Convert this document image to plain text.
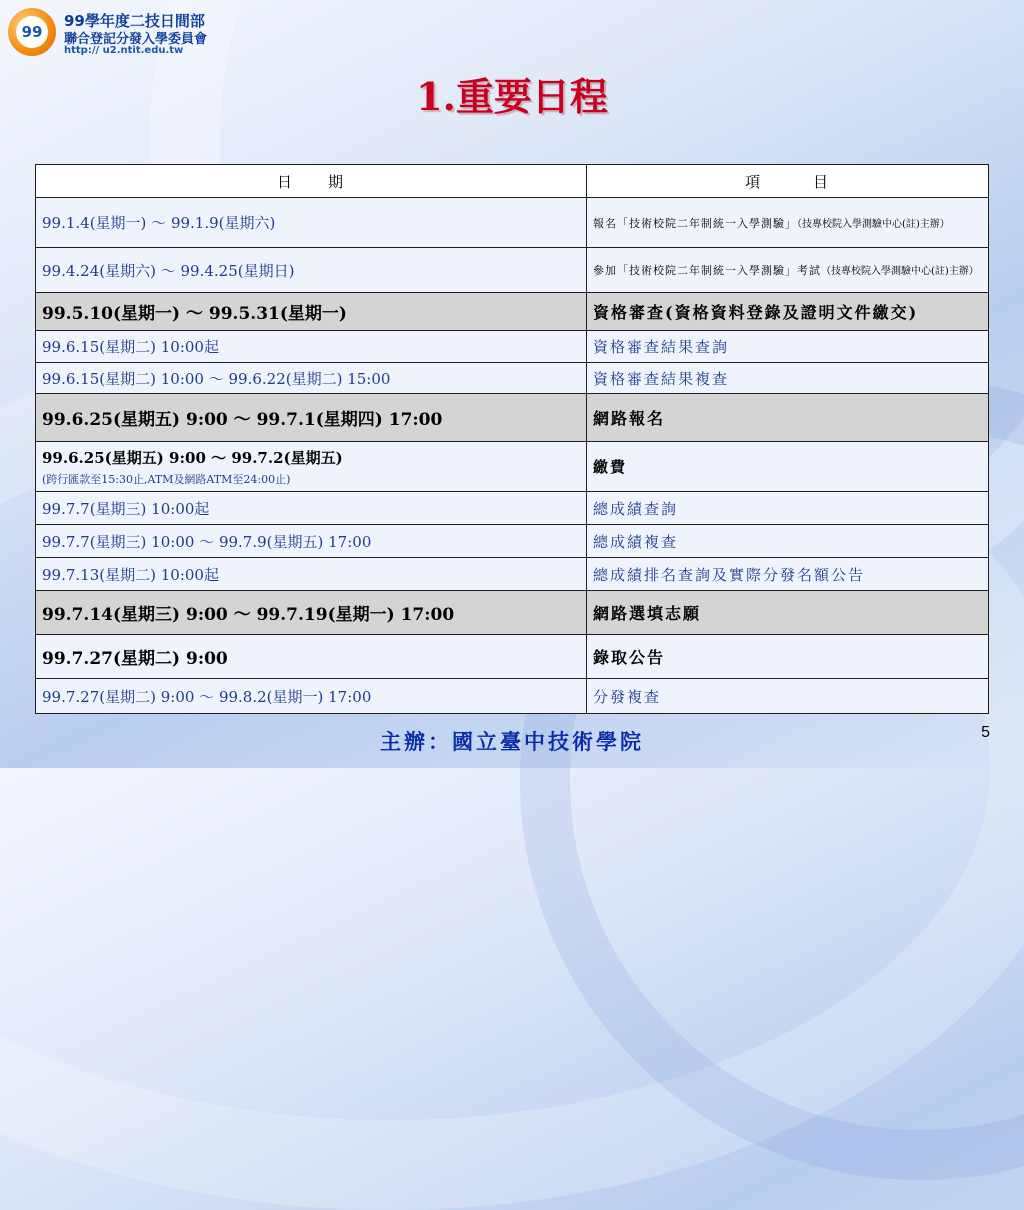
99
99學年度二技日間部
聯合登記分發入學委員會
http:// u2.ntit.edu.tw
1.重要日程
日　　期	項　　　目
99.1.4(星期一) ～ 99.1.9(星期六)	報名「技術校院二年制統一入學測驗」（技專校院入學測驗中心(註)主辦）
99.4.24(星期六) ～ 99.4.25(星期日)	參加「技術校院二年制統一入學測驗」考試（技專校院入學測驗中心(註)主辦）
99.5.10(星期一) ～ 99.5.31(星期一)	資格審查(資格資料登錄及證明文件繳交)
99.6.15(星期二) 10:00起	資格審查結果查詢
99.6.15(星期二) 10:00 ～ 99.6.22(星期二) 15:00	資格審查結果複查
99.6.25(星期五) 9:00 ～ 99.7.1(星期四) 17:00	網路報名
99.6.25(星期五) 9:00 ～ 99.7.2(星期五)
(跨行匯款至15:30止,ATM及網路ATM至24:00止)	繳費
99.7.7(星期三) 10:00起	總成績查詢
99.7.7(星期三) 10:00 ～ 99.7.9(星期五) 17:00	總成績複查
99.7.13(星期二) 10:00起	總成績排名查詢及實際分發名額公告
99.7.14(星期三) 9:00 ～ 99.7.19(星期一) 17:00	網路選填志願
99.7.27(星期二) 9:00	錄取公告
99.7.27(星期二) 9:00 ～ 99.8.2(星期一) 17:00	分發複查
主辦：國立臺中技術學院	5
